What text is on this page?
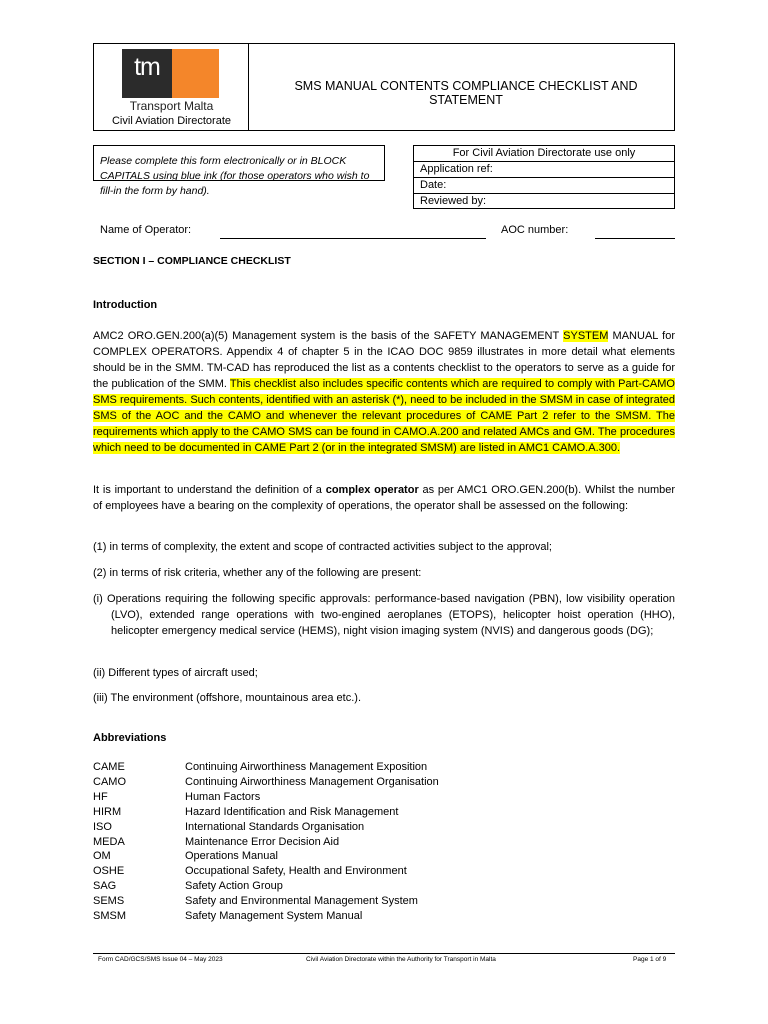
tm
Transport Malta
Civil Aviation Directorate
SMS MANUAL CONTENTS COMPLIANCE CHECKLIST AND STATEMENT
Please complete this form electronically or in BLOCK CAPITALS using blue ink (for those operators who wish to fill-in the form by hand).
For Civil Aviation Directorate use only
Application ref:
Date:
Reviewed by:
Name of Operator:	AOC number:
SECTION I – COMPLIANCE CHECKLIST
Introduction
AMC2 ORO.GEN.200(a)(5) Management system is the basis of the SAFETY MANAGEMENT SYSTEM MANUAL for COMPLEX OPERATORS. Appendix 4 of chapter 5 in the ICAO DOC 9859 illustrates in more detail what elements should be in the SMM. TM-CAD has reproduced the list as a contents checklist to the operators to serve as a guide for the publication of the SMM. This checklist also includes specific contents which are required to comply with Part-CAMO SMS requirements. Such contents, identified with an asterisk (*), need to be included in the SMSM in case of integrated SMS of the AOC and the CAMO and whenever the relevant procedures of CAME Part 2 refer to the SMSM. The requirements which apply to the CAMO SMS can be found in CAMO.A.200 and related AMCs and GM. The procedures which need to be documented in CAME Part 2 (or in the integrated SMSM) are listed in AMC1 CAMO.A.300.
It is important to understand the definition of a complex operator as per AMC1 ORO.GEN.200(b). Whilst the number of employees have a bearing on the complexity of operations, the operator shall be assessed on the following:
(1) in terms of complexity, the extent and scope of contracted activities subject to the approval;
(2) in terms of risk criteria, whether any of the following are present:
(i) Operations requiring the following specific approvals: performance-based navigation (PBN), low visibility operation (LVO), extended range operations with two-engined aeroplanes (ETOPS), helicopter hoist operation (HHO), helicopter emergency medical service (HEMS), night vision imaging system (NVIS) and dangerous goods (DG);
(ii) Different types of aircraft used;
(iii) The environment (offshore, mountainous area etc.).
Abbreviations
CAME	Continuing Airworthiness Management Exposition
CAMO	Continuing Airworthiness Management Organisation
HF	Human Factors
HIRM	Hazard Identification and Risk Management
ISO	International Standards Organisation
MEDA	Maintenance Error Decision Aid
OM	Operations Manual
OSHE	Occupational Safety, Health and Environment
SAG	Safety Action Group
SEMS	Safety and Environmental Management System
SMSM	Safety Management System Manual
Form CAD/GCS/SMS Issue 04 – May 2023	Civil Aviation Directorate within the Authority for Transport in Malta	Page 1 of 9
